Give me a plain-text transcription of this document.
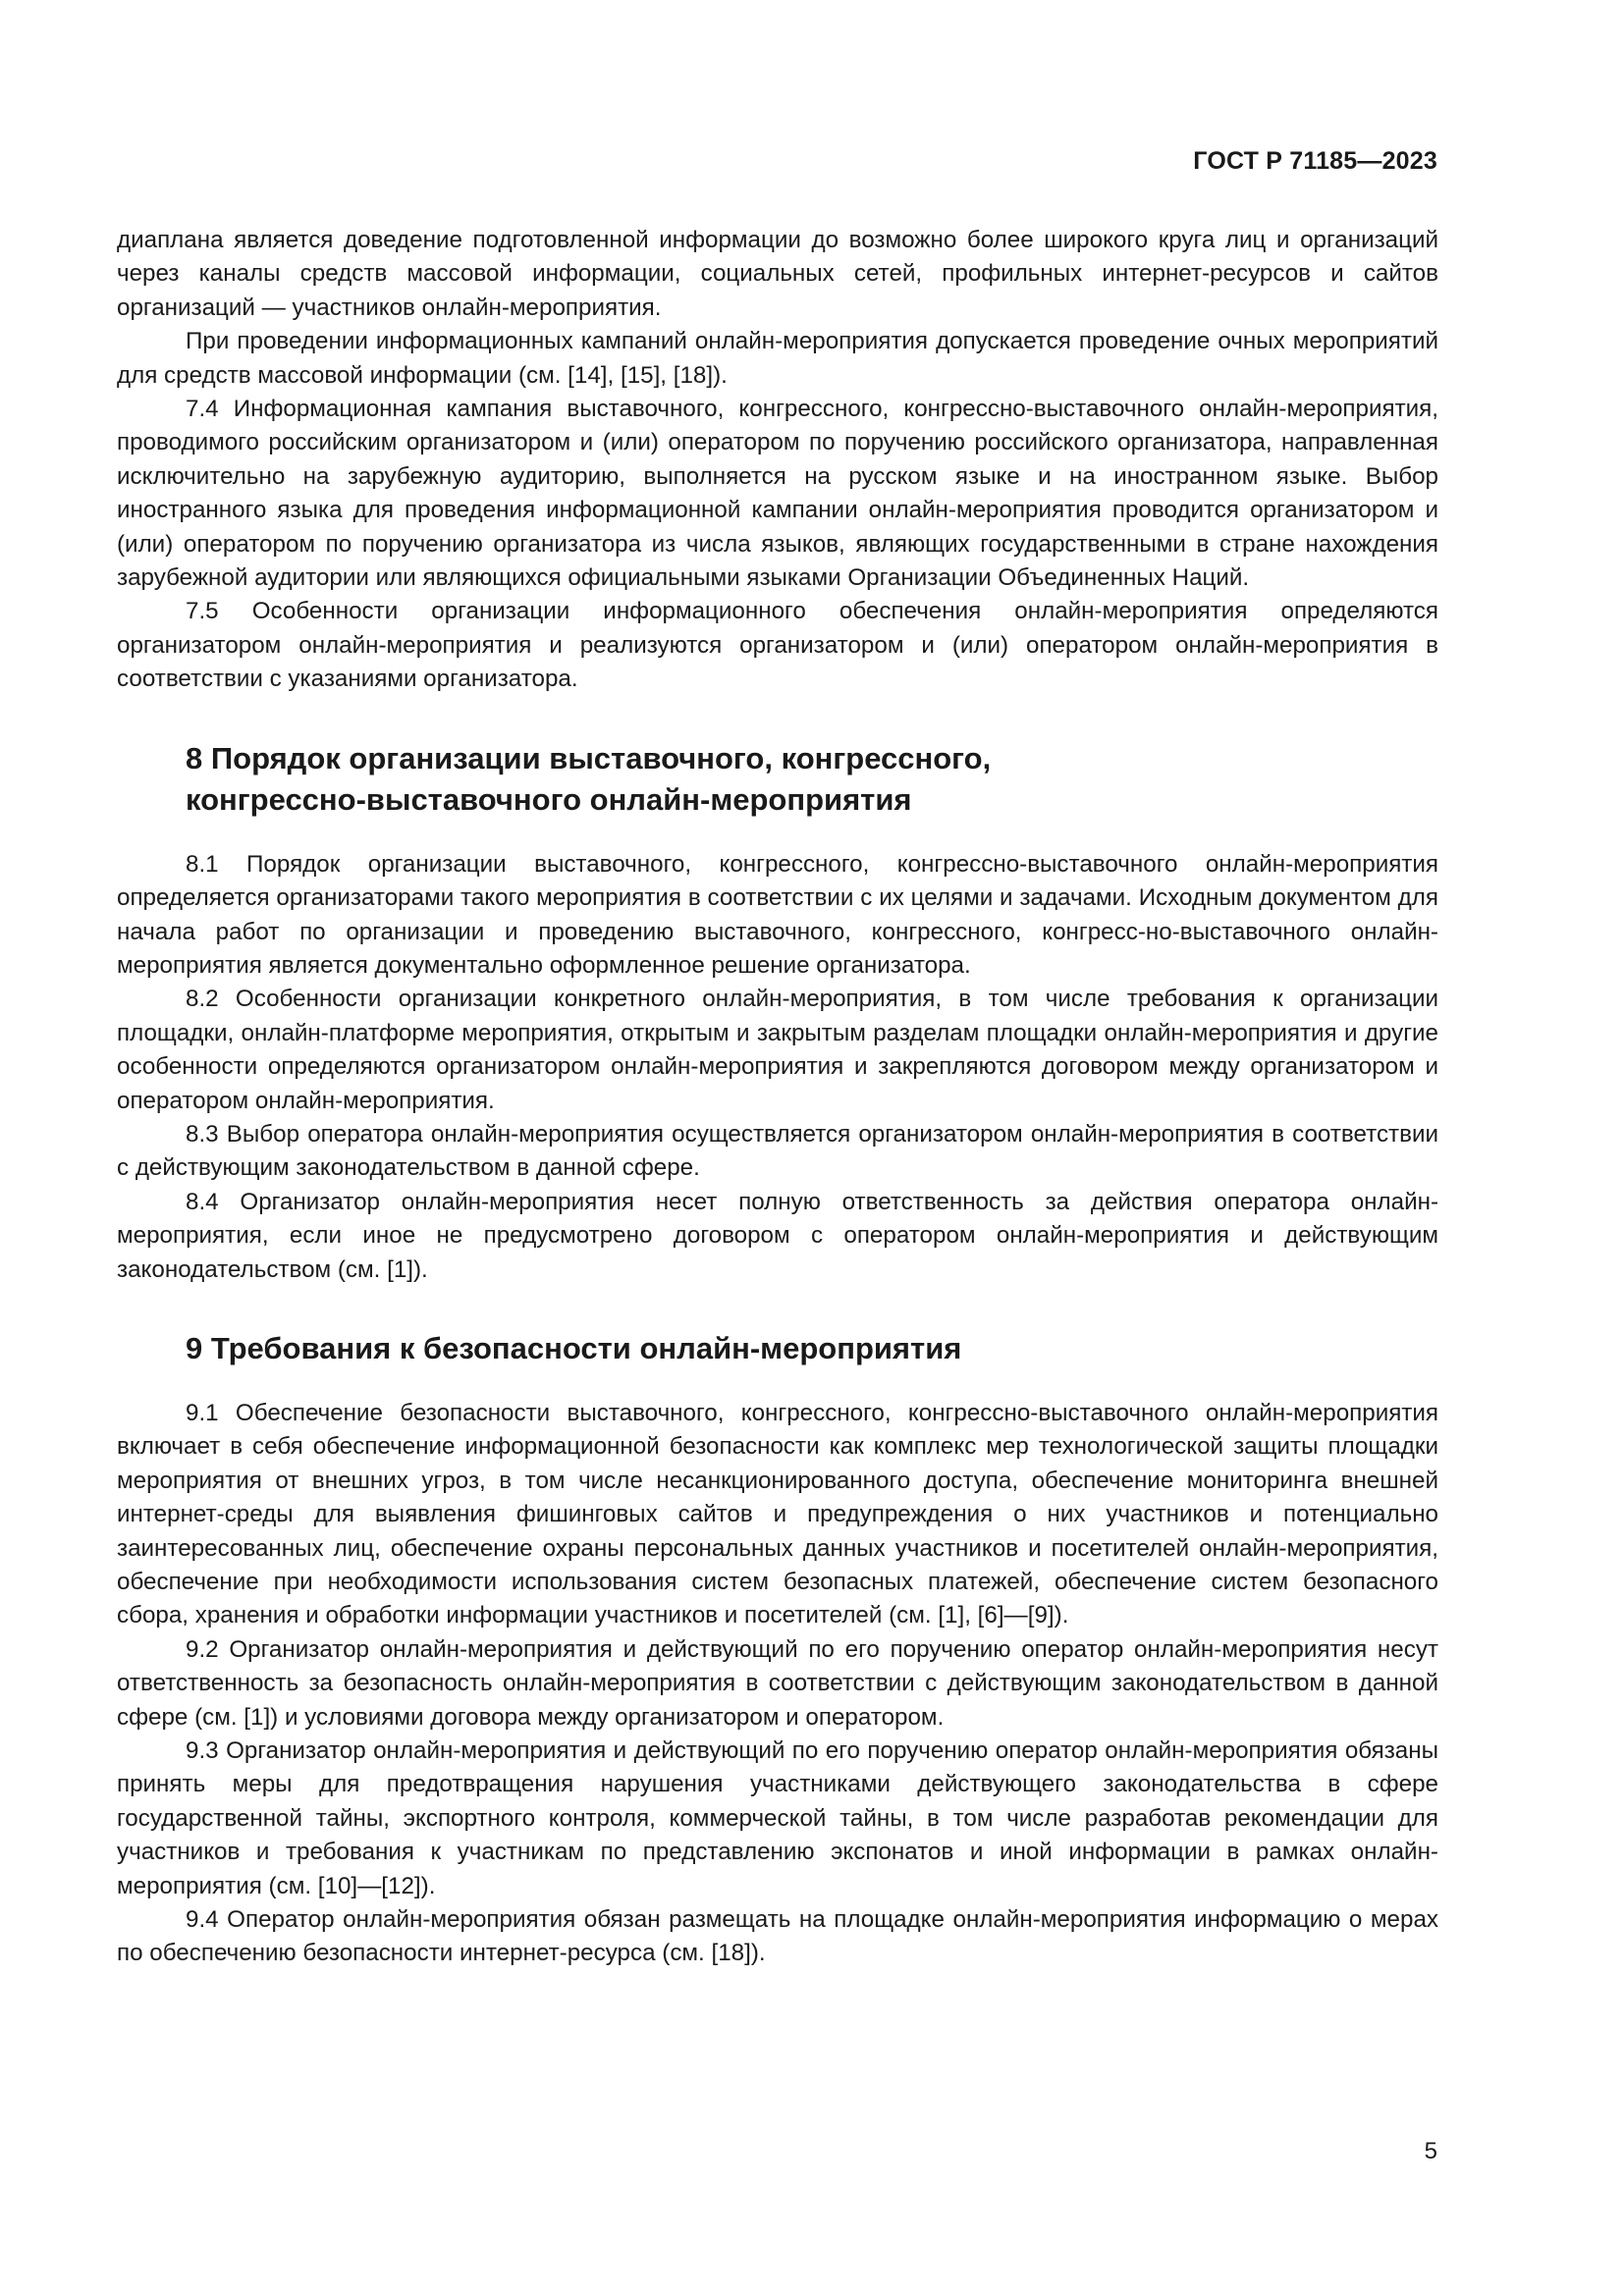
ГОСТ Р 71185—2023

диаплана является доведение подготовленной информации до возможно более широкого круга лиц и организаций через каналы средств массовой информации, социальных сетей, профильных интернет-ресурсов и сайтов организаций — участников онлайн-мероприятия.

При проведении информационных кампаний онлайн-мероприятия допускается проведение очных мероприятий для средств массовой информации (см. [14], [15], [18]).

7.4 Информационная кампания выставочного, конгрессного, конгрессно-выставочного онлайн-мероприятия, проводимого российским организатором и (или) оператором по поручению российского организатора, направленная исключительно на зарубежную аудиторию, выполняется на русском языке и на иностранном языке. Выбор иностранного языка для проведения информационной кампании онлайн-мероприятия проводится организатором и (или) оператором по поручению организатора из числа языков, являющих государственными в стране нахождения зарубежной аудитории или являющихся официальными языками Организации Объединенных Наций.

7.5 Особенности организации информационного обеспечения онлайн-мероприятия определяются организатором онлайн-мероприятия и реализуются организатором и (или) оператором онлайн-мероприятия в соответствии с указаниями организатора.

8 Порядок организации выставочного, конгрессного,
конгрессно-выставочного онлайн-мероприятия

8.1 Порядок организации выставочного, конгрессного, конгрессно-выставочного онлайн-мероприятия определяется организаторами такого мероприятия в соответствии с их целями и задачами. Исходным документом для начала работ по организации и проведению выставочного, конгрессного, конгресс-но-выставочного онлайн-мероприятия является документально оформленное решение организатора.

8.2 Особенности организации конкретного онлайн-мероприятия, в том числе требования к организации площадки, онлайн-платформе мероприятия, открытым и закрытым разделам площадки онлайн-мероприятия и другие особенности определяются организатором онлайн-мероприятия и закрепляются договором между организатором и оператором онлайн-мероприятия.

8.3 Выбор оператора онлайн-мероприятия осуществляется организатором онлайн-мероприятия в соответствии с действующим законодательством в данной сфере.

8.4 Организатор онлайн-мероприятия несет полную ответственность за действия оператора онлайн-мероприятия, если иное не предусмотрено договором с оператором онлайн-мероприятия и действующим законодательством (см. [1]).

9 Требования к безопасности онлайн-мероприятия

9.1 Обеспечение безопасности выставочного, конгрессного, конгрессно-выставочного онлайн-мероприятия включает в себя обеспечение информационной безопасности как комплекс мер технологической защиты площадки мероприятия от внешних угроз, в том числе несанкционированного доступа, обеспечение мониторинга внешней интернет-среды для выявления фишинговых сайтов и предупреждения о них участников и потенциально заинтересованных лиц, обеспечение охраны персональных данных участников и посетителей онлайн-мероприятия, обеспечение при необходимости использования систем безопасных платежей, обеспечение систем безопасного сбора, хранения и обработки информации участников и посетителей (см. [1], [6]—[9]).

9.2 Организатор онлайн-мероприятия и действующий по его поручению оператор онлайн-мероприятия несут ответственность за безопасность онлайн-мероприятия в соответствии с действующим законодательством в данной сфере (см. [1]) и условиями договора между организатором и оператором.

9.3 Организатор онлайн-мероприятия и действующий по его поручению оператор онлайн-мероприятия обязаны принять меры для предотвращения нарушения участниками действующего законодательства в сфере государственной тайны, экспортного контроля, коммерческой тайны, в том числе разработав рекомендации для участников и требования к участникам по представлению экспонатов и иной информации в рамках онлайн-мероприятия (см. [10]—[12]).

9.4 Оператор онлайн-мероприятия обязан размещать на площадке онлайн-мероприятия информацию о мерах по обеспечению безопасности интернет-ресурса (см. [18]).

5
